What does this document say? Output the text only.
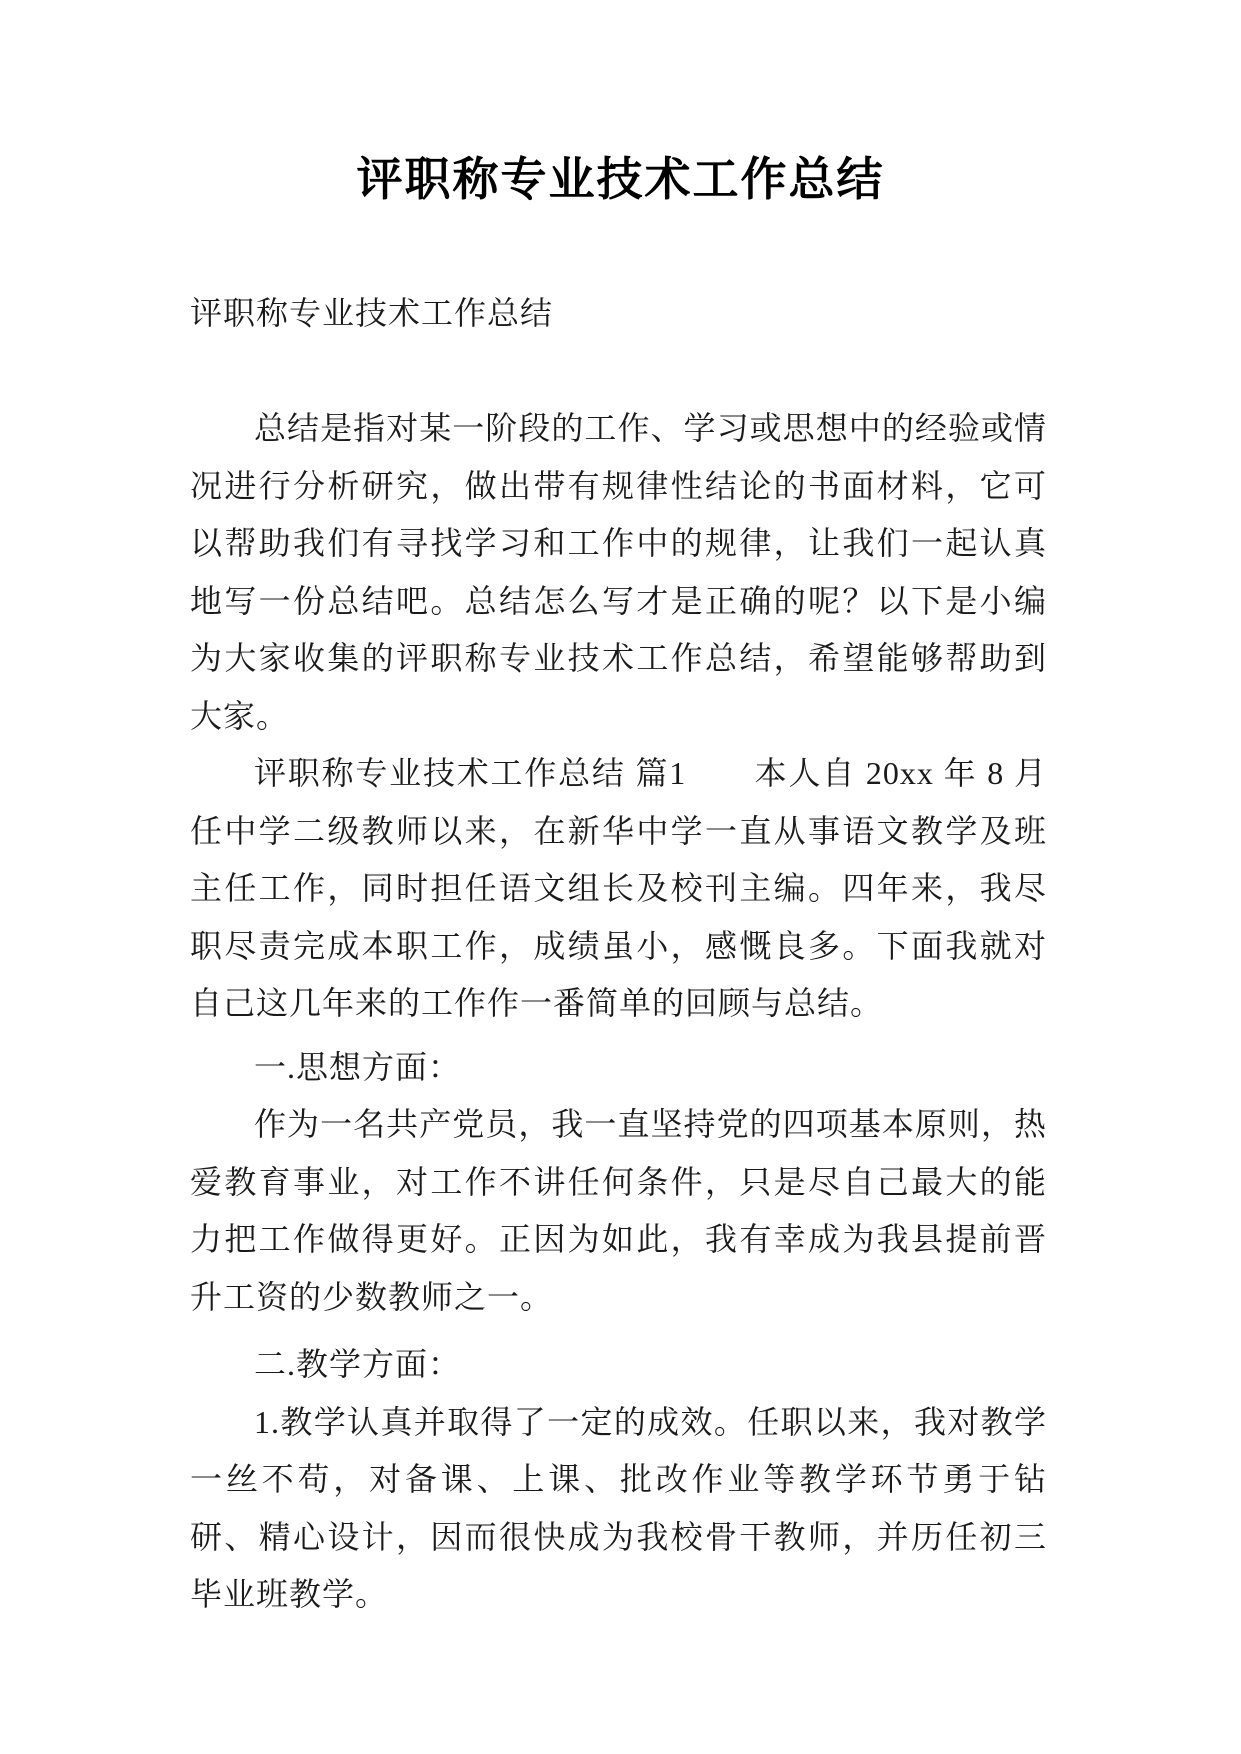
评职称专业技术工作总结

评职称专业技术工作总结

总结是指对某一阶段的工作、学习或思想中的经验或情况进行分析研究，做出带有规律性结论的书面材料，它可以帮助我们有寻找学习和工作中的规律，让我们一起认真地写一份总结吧。总结怎么写才是正确的呢？以下是小编为大家收集的评职称专业技术工作总结，希望能够帮助到大家。

评职称专业技术工作总结 篇1　　本人自 20xx 年 8 月任中学二级教师以来，在新华中学一直从事语文教学及班主任工作，同时担任语文组长及校刊主编。四年来，我尽职尽责完成本职工作，成绩虽小，感慨良多。下面我就对自己这几年来的工作作一番简单的回顾与总结。

一.思想方面：

作为一名共产党员，我一直坚持党的四项基本原则，热爱教育事业，对工作不讲任何条件，只是尽自己最大的能力把工作做得更好。正因为如此，我有幸成为我县提前晋升工资的少数教师之一。

二.教学方面：

1.教学认真并取得了一定的成效。任职以来，我对教学一丝不苟，对备课、上课、批改作业等教学环节勇于钻研、精心设计，因而很快成为我校骨干教师，并历任初三毕业班教学。
